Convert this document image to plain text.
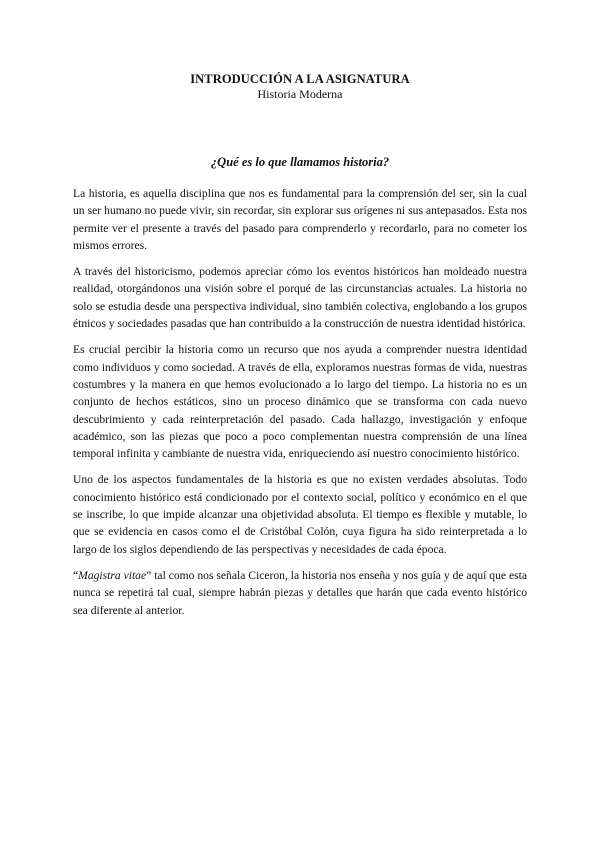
INTRODUCCIÓN A LA ASIGNATURA

Historia Moderna

¿Qué es lo que llamamos historia?

La historia, es aquella disciplina que nos es fundamental para la comprensión del ser, sin la cual un ser humano no puede vivir, sin recordar, sin explorar sus orígenes ni sus antepasados. Esta nos permite ver el presente a través del pasado para comprenderlo y recordarlo, para no cometer los mismos errores.

A través del historicismo, podemos apreciar cómo los eventos históricos han moldeado nuestra realidad, otorgándonos una visión sobre el porqué de las circunstancias actuales. La historia no solo se estudia desde una perspectiva individual, sino también colectiva, englobando a los grupos étnicos y sociedades pasadas que han contribuido a la construcción de nuestra identidad histórica.

Es crucial percibir la historia como un recurso que nos ayuda a comprender nuestra identidad como individuos y como sociedad. A través de ella, exploramos nuestras formas de vida, nuestras costumbres y la manera en que hemos evolucionado a lo largo del tiempo. La historia no es un conjunto de hechos estáticos, sino un proceso dinámico que se transforma con cada nuevo descubrimiento y cada reinterpretación del pasado. Cada hallazgo, investigación y enfoque académico, son las piezas que poco a poco complementan nuestra comprensión de una línea temporal infinita y cambiante de nuestra vida, enriqueciendo así nuestro conocimiento histórico.

Uno de los aspectos fundamentales de la historia es que no existen verdades absolutas. Todo conocimiento histórico está condicionado por el contexto social, político y económico en el que se inscribe, lo que impide alcanzar una objetividad absoluta. El tiempo es flexible y mutable, lo que se evidencia en casos como el de Cristóbal Colón, cuya figura ha sido reinterpretada a lo largo de los siglos dependiendo de las perspectivas y necesidades de cada época.

“Magistra vitae” tal como nos señala Ciceron, la historia nos enseña y nos guía y de aquí que esta nunca se repetirá tal cual, siempre habrán piezas y detalles que harán que cada evento histórico sea diferente al anterior.
